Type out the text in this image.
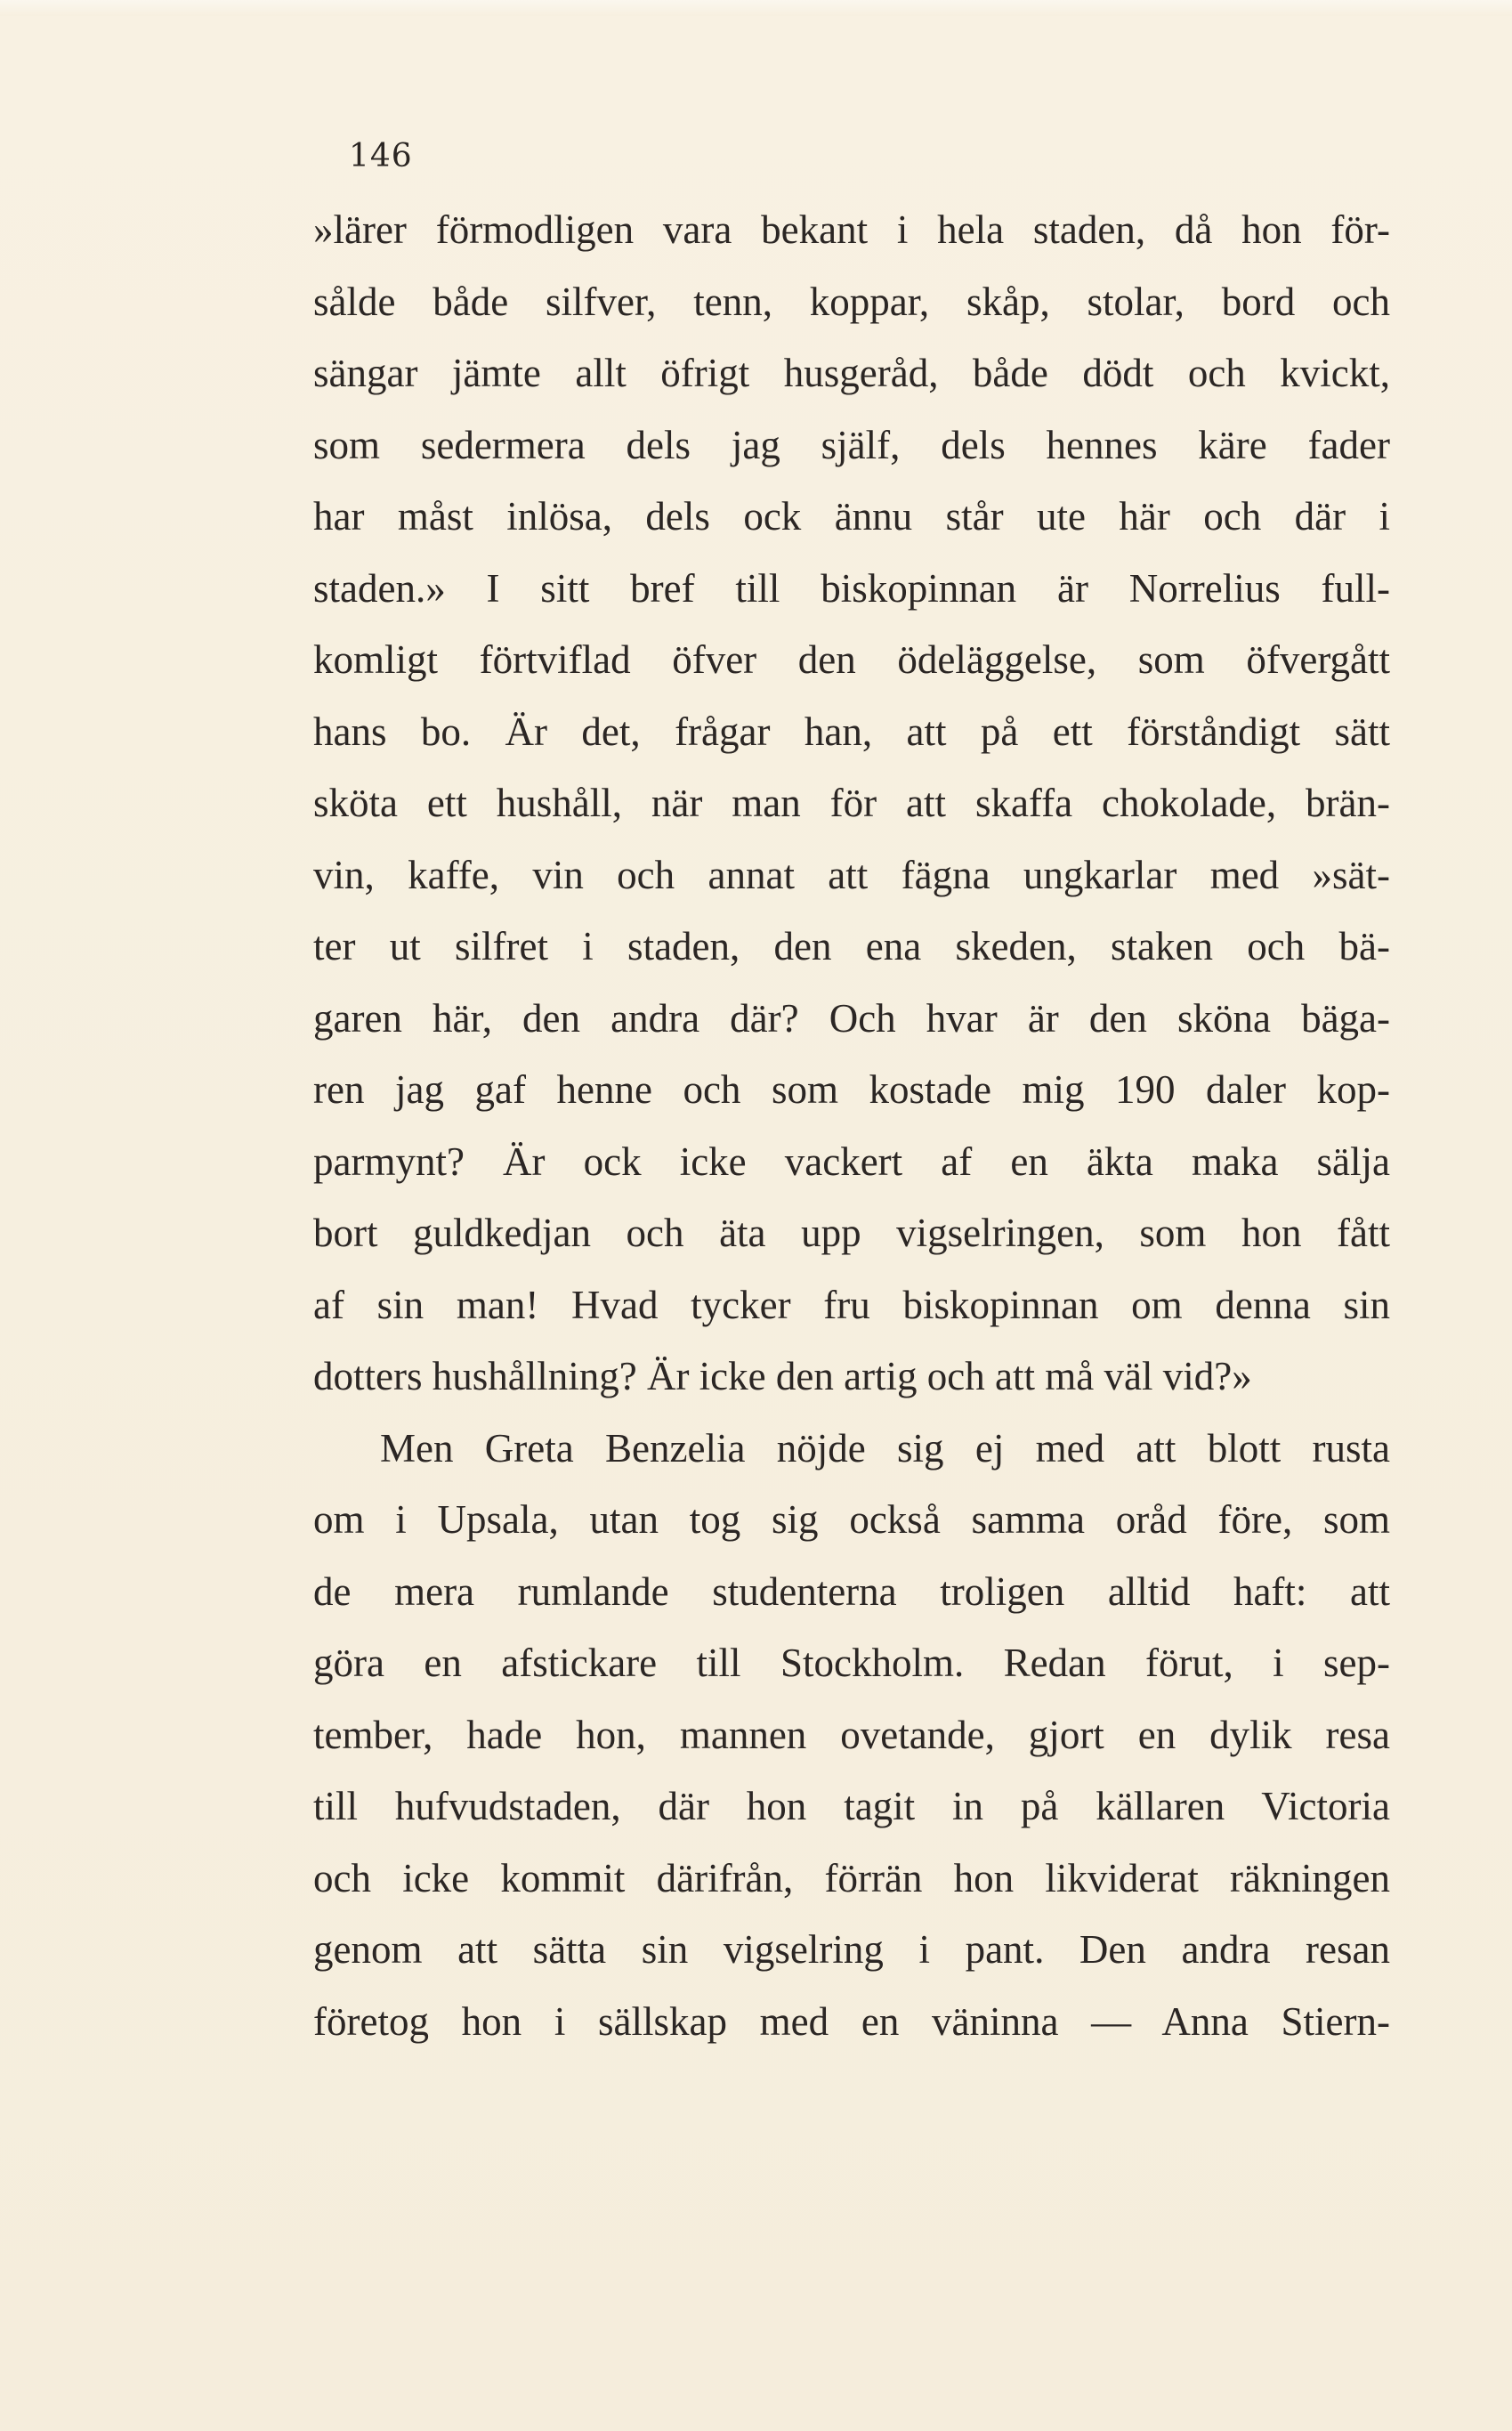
146
»lärer förmodligen vara bekant i hela staden, då hon för-
sålde både silfver, tenn, koppar, skåp, stolar, bord och
sängar jämte allt öfrigt husgeråd, både dödt och kvickt,
som sedermera dels jag själf, dels hennes käre fader
har måst inlösa, dels ock ännu står ute här och där i
staden.» I sitt bref till biskopinnan är Norrelius full-
komligt förtviflad öfver den ödeläggelse, som öfvergått
hans bo. Är det, frågar han, att på ett förståndigt sätt
sköta ett hushåll, när man för att skaffa chokolade, brän-
vin, kaffe, vin och annat att fägna ungkarlar med »sät-
ter ut silfret i staden, den ena skeden, staken och bä-
garen här, den andra där? Och hvar är den sköna bäga-
ren jag gaf henne och som kostade mig 190 daler kop-
parmynt? Är ock icke vackert af en äkta maka sälja
bort guldkedjan och äta upp vigselringen, som hon fått
af sin man! Hvad tycker fru biskopinnan om denna sin
dotters hushållning? Är icke den artig och att må väl vid?»
Men Greta Benzelia nöjde sig ej med att blott rusta
om i Upsala, utan tog sig också samma oråd före, som
de mera rumlande studenterna troligen alltid haft: att
göra en afstickare till Stockholm. Redan förut, i sep-
tember, hade hon, mannen ovetande, gjort en dylik resa
till hufvudstaden, där hon tagit in på källaren Victoria
och icke kommit därifrån, förrän hon likviderat räkningen
genom att sätta sin vigselring i pant. Den andra resan
företog hon i sällskap med en väninna — Anna Stiern-
